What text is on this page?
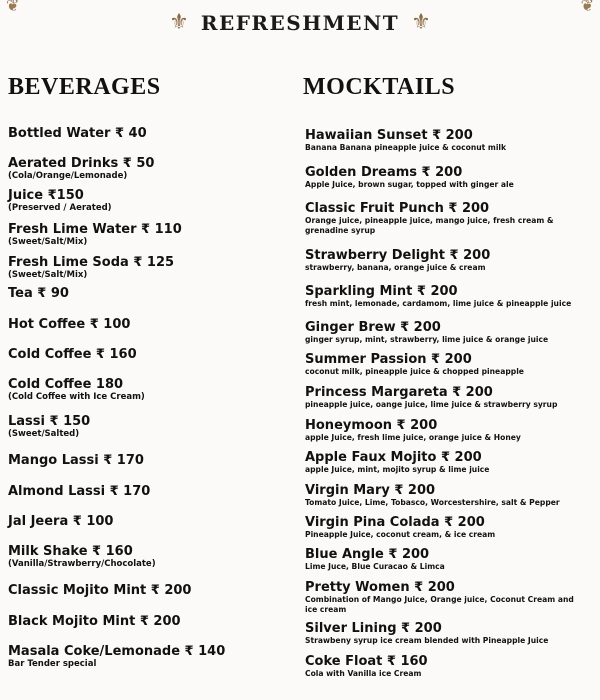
❦	❦
⚜ REFRESHMENT ⚜
BEVERAGES	MOCKTAILS
Bottled Water ₹ 40
Aerated Drinks ₹ 50
(Cola/Orange/Lemonade)
Juice ₹150
(Preserved / Aerated)
Fresh Lime Water ₹ 110
(Sweet/Salt/Mix)
Fresh Lime Soda ₹ 125
(Sweet/Salt/Mix)
Tea ₹ 90
Hot Coffee ₹ 100
Cold Coffee ₹ 160
Cold Coffee 180
(Cold Coffee with Ice Cream)
Lassi ₹ 150
(Sweet/Salted)
Mango Lassi ₹ 170
Almond Lassi ₹ 170
Jal Jeera ₹ 100
Milk Shake ₹ 160
(Vanilla/Strawberry/Chocolate)
Classic Mojito Mint ₹ 200
Black Mojito Mint ₹ 200
Masala Coke/Lemonade ₹ 140
Bar Tender special
Hawaiian Sunset ₹ 200
Banana Banana pineapple juice & coconut milk
Golden Dreams ₹ 200
Apple Juice, brown sugar, topped with ginger ale
Classic Fruit Punch ₹ 200
Orange juice, pineapple juice, mango juice, fresh cream &
grenadine syrup
Strawberry Delight ₹ 200
strawberry, banana, orange juice & cream
Sparkling Mint ₹ 200
fresh mint, lemonade, cardamom, lime juice & pineapple juice
Ginger Brew ₹ 200
ginger syrup, mint, strawberry, lime juice & orange juice
Summer Passion ₹ 200
coconut milk, pineapple juice & chopped pineapple
Princess Margareta ₹ 200
pineapple juice, oange juice, lime juice & strawberry syrup
Honeymoon ₹ 200
apple Juice, fresh lime juice, orange juice & Honey
Apple Faux Mojito ₹ 200
apple Juice, mint, mojito syrup & lime juice
Virgin Mary ₹ 200
Tomato Juice, Lime, Tobasco, Worcestershire, salt & Pepper
Virgin Pina Colada ₹ 200
Pineapple Juice, coconut cream, & ice cream
Blue Angle ₹ 200
Lime Juce, Blue Curacao & Limca
Pretty Women ₹ 200
Combination of Mango Juice, Orange juice, Coconut Cream and
ice cream
Silver Lining ₹ 200
Strawbeny syrup ice cream blended with Pineapple Juice
Coke Float ₹ 160
Cola with Vanilla ice Cream
